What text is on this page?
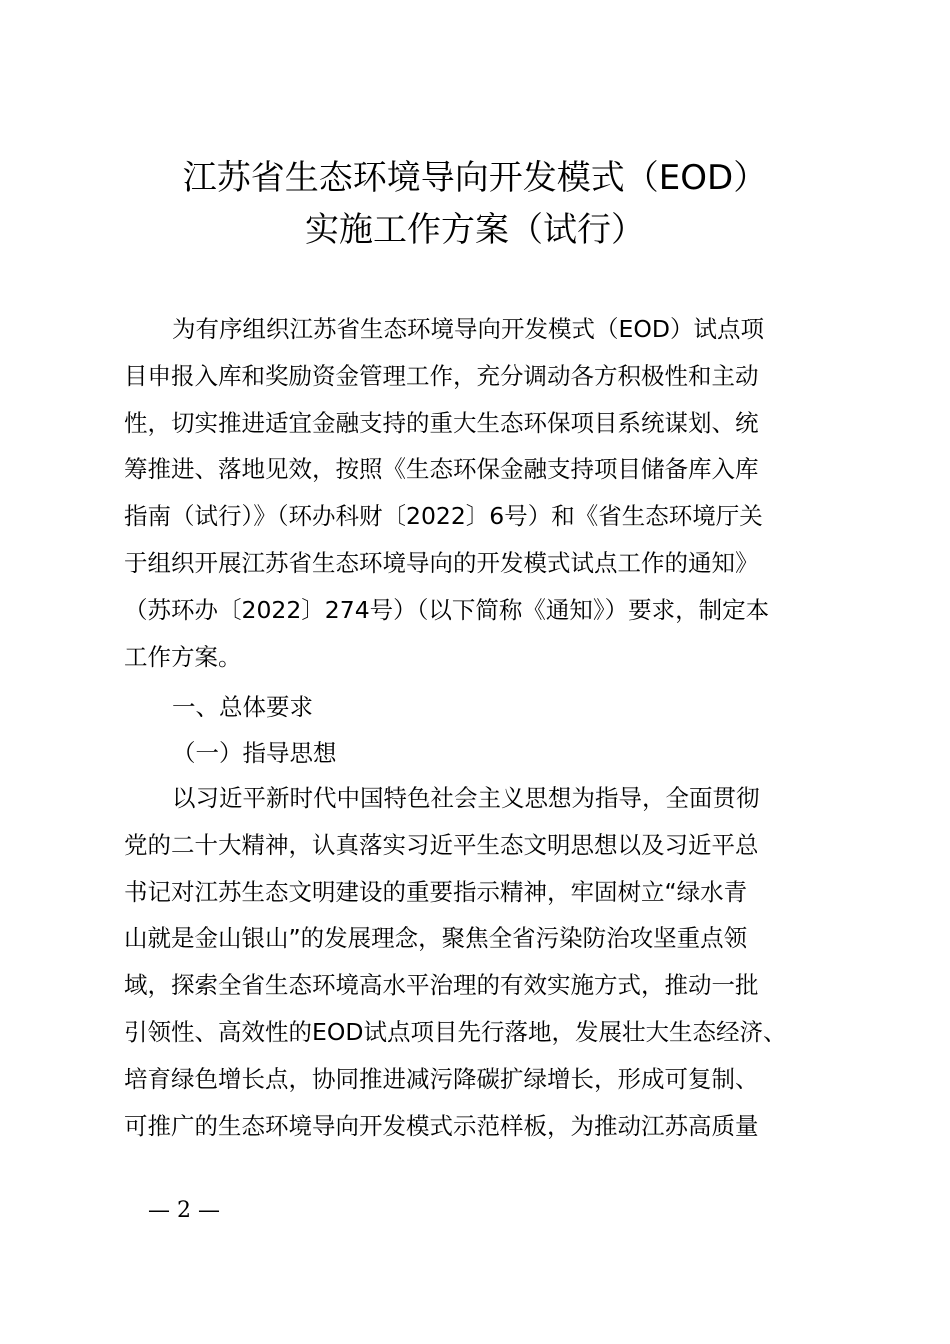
江苏省生态环境导向开发模式（EOD）
实施工作方案（试行）
为有序组织江苏省生态环境导向开发模式（EOD）试点项
目申报入库和奖励资金管理工作，充分调动各方积极性和主动
性，切实推进适宜金融支持的重大生态环保项目系统谋划、统
筹推进、落地见效，按照《生态环保金融支持项目储备库入库
指南（试行）》（环办科财〔2022〕6号）和《省生态环境厅关
于组织开展江苏省生态环境导向的开发模式试点工作的通知》
（苏环办〔2022〕274号）（以下简称《通知》）要求，制定本
工作方案。
一、总体要求
（一）指导思想
以习近平新时代中国特色社会主义思想为指导，全面贯彻
党的二十大精神，认真落实习近平生态文明思想以及习近平总
书记对江苏生态文明建设的重要指示精神，牢固树立“绿水青
山就是金山银山”的发展理念，聚焦全省污染防治攻坚重点领
域，探索全省生态环境高水平治理的有效实施方式，推动一批
引领性、高效性的EOD试点项目先行落地，发展壮大生态经济、
培育绿色增长点，协同推进减污降碳扩绿增长，形成可复制、
可推广的生态环境导向开发模式示范样板，为推动江苏高质量
— 2 —
